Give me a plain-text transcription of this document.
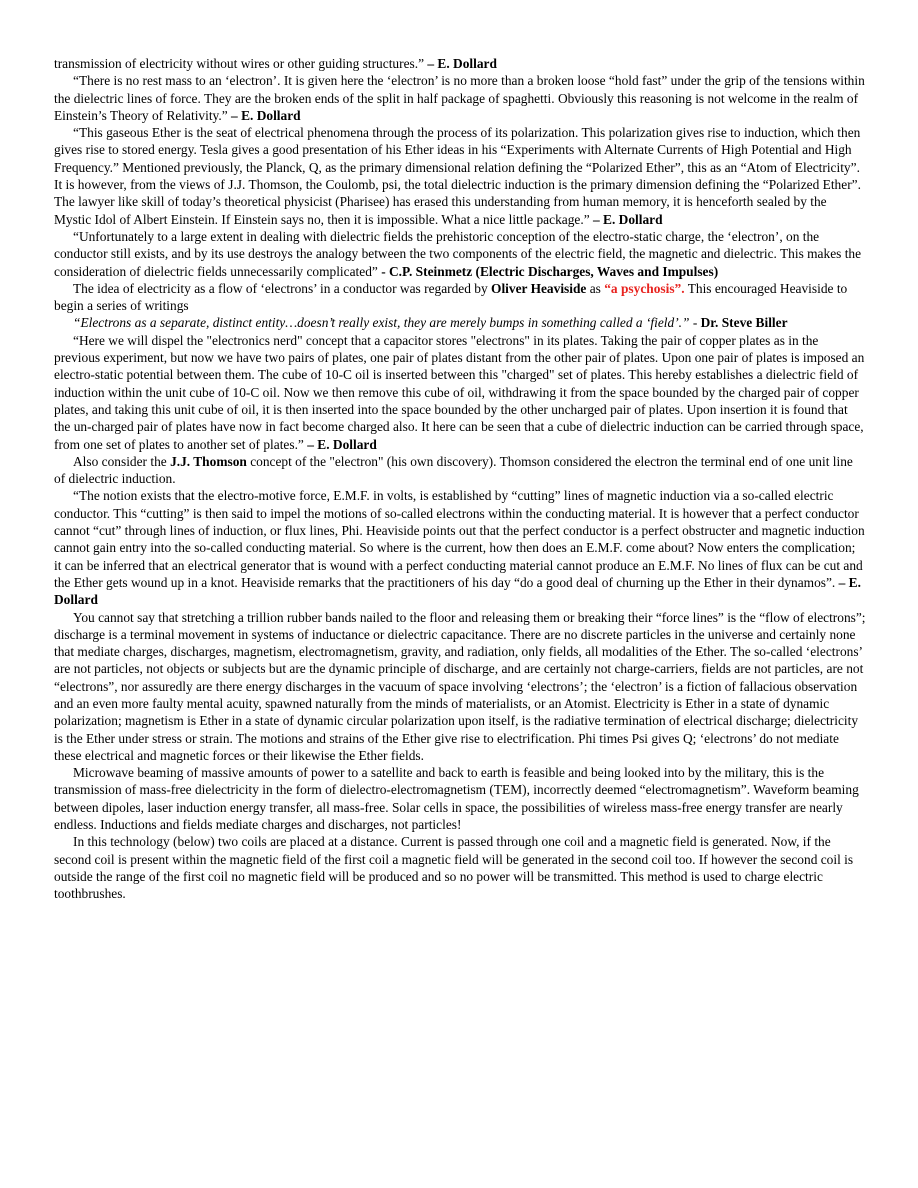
transmission of electricity without wires or other guiding structures.” – E. Dollard

“There is no rest mass to an ‘electron’. It is given here the ‘electron’ is no more than a broken loose “hold fast” under the grip of the tensions within the dielectric lines of force. They are the broken ends of the split in half package of spaghetti. Obviously this reasoning is not welcome in the realm of Einstein’s Theory of Relativity.” – E. Dollard

“This gaseous Ether is the seat of electrical phenomena through the process of its polarization. This polarization gives rise to induction, which then gives rise to stored energy. Tesla gives a good presentation of his Ether ideas in his “Experiments with Alternate Currents of High Potential and High Frequency.” Mentioned previously, the Planck, Q, as the primary dimensional relation defining the “Polarized Ether”, this as an “Atom of Electricity”. It is however, from the views of J.J. Thomson, the Coulomb, psi, the total dielectric induction is the primary dimension defining the “Polarized Ether”. The lawyer like skill of today’s theoretical physicist (Pharisee) has erased this understanding from human memory, it is henceforth sealed by the Mystic Idol of Albert Einstein. If Einstein says no, then it is impossible. What a nice little package.” – E. Dollard

“Unfortunately to a large extent in dealing with dielectric fields the prehistoric conception of the electro-static charge, the ‘electron’, on the conductor still exists, and by its use destroys the analogy between the two components of the electric field, the magnetic and dielectric. This makes the consideration of dielectric fields unnecessarily complicated” - C.P. Steinmetz (Electric Discharges, Waves and Impulses)

The idea of electricity as a flow of ‘electrons’ in a conductor was regarded by Oliver Heaviside as “a psychosis”. This encouraged Heaviside to begin a series of writings

“Electrons as a separate, distinct entity…doesn’t really exist, they are merely bumps in something called a ‘field’.” - Dr. Steve Biller

“Here we will dispel the "electronics nerd" concept that a capacitor stores "electrons" in its plates. Taking the pair of copper plates as in the previous experiment, but now we have two pairs of plates, one pair of plates distant from the other pair of plates. Upon one pair of plates is imposed an electro-static potential between them. The cube of 10-C oil is inserted between this "charged" set of plates. This hereby establishes a dielectric field of induction within the unit cube of 10-C oil. Now we then remove this cube of oil, withdrawing it from the space bounded by the charged pair of copper plates, and taking this unit cube of oil, it is then inserted into the space bounded by the other uncharged pair of plates. Upon insertion it is found that the un-charged pair of plates have now in fact become charged also. It here can be seen that a cube of dielectric induction can be carried through space, from one set of plates to another set of plates.” – E. Dollard

Also consider the J.J. Thomson concept of the "electron" (his own discovery). Thomson considered the electron the terminal end of one unit line of dielectric induction.

“The notion exists that the electro-motive force, E.M.F. in volts, is established by “cutting” lines of magnetic induction via a so-called electric conductor. This “cutting” is then said to impel the motions of so-called electrons within the conducting material. It is however that a perfect conductor cannot “cut” through lines of induction, or flux lines, Phi. Heaviside points out that the perfect conductor is a perfect obstructer and magnetic induction cannot gain entry into the so-called conducting material. So where is the current, how then does an E.M.F. come about? Now enters the complication; it can be inferred that an electrical generator that is wound with a perfect conducting material cannot produce an E.M.F. No lines of flux can be cut and the Ether gets wound up in a knot. Heaviside remarks that the practitioners of his day “do a good deal of churning up the Ether in their dynamos”. – E. Dollard

You cannot say that stretching a trillion rubber bands nailed to the floor and releasing them or breaking their “force lines” is the “flow of electrons”; discharge is a terminal movement in systems of inductance or dielectric capacitance. There are no discrete particles in the universe and certainly none that mediate charges, discharges, magnetism, electromagnetism, gravity, and radiation, only fields, all modalities of the Ether. The so-called ‘electrons’ are not particles, not objects or subjects but are the dynamic principle of discharge, and are certainly not charge-carriers, fields are not particles, are not “electrons”, nor assuredly are there energy discharges in the vacuum of space involving ‘electrons’; the ‘electron’ is a fiction of fallacious observation and an even more faulty mental acuity, spawned naturally from the minds of materialists, or an Atomist. Electricity is Ether in a state of dynamic polarization; magnetism is Ether in a state of dynamic circular polarization upon itself, is the radiative termination of electrical discharge; dielectricity is the Ether under stress or strain. The motions and strains of the Ether give rise to electrification. Phi times Psi gives Q; ‘electrons’ do not mediate these electrical and magnetic forces or their likewise the Ether fields.

Microwave beaming of massive amounts of power to a satellite and back to earth is feasible and being looked into by the military, this is the transmission of mass-free dielectricity in the form of dielectro-electromagnetism (TEM), incorrectly deemed “electromagnetism”. Waveform beaming between dipoles, laser induction energy transfer, all mass-free. Solar cells in space, the possibilities of wireless mass-free energy transfer are nearly endless. Inductions and fields mediate charges and discharges, not particles!

In this technology (below) two coils are placed at a distance. Current is passed through one coil and a magnetic field is generated. Now, if the second coil is present within the magnetic field of the first coil a magnetic field will be generated in the second coil too. If however the second coil is outside the range of the first coil no magnetic field will be produced and so no power will be transmitted. This method is used to charge electric toothbrushes.
